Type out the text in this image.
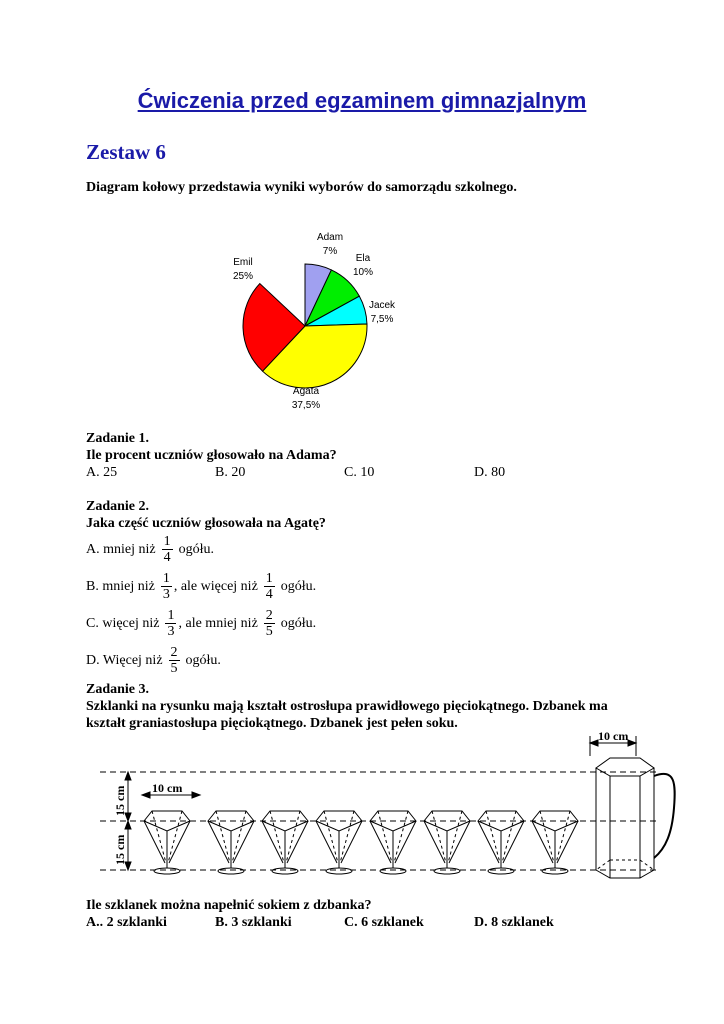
Ćwiczenia przed egzaminem gimnazjalnym
Zestaw 6
Diagram kołowy przedstawia wyniki wyborów do samorządu szkolnego.
Adam
7%
Ela
10%
Jacek
7,5%
Agata
37,5%
Emil
25%
Zadanie 1.
Ile procent uczniów głosowało na Adama?
A. 25	B. 20	C. 10	D. 80
Zadanie 2.
Jaka część uczniów głosowała na Agatę?
A. mniej niż $\frac{1}{4}$ ogółu.
B. mniej niż $\frac{1}{3}$ , ale więcej niż $\frac{1}{4}$ ogółu.
C. więcej niż $\frac{1}{3}$ , ale mniej niż $\frac{2}{5}$ ogółu.
D. Więcej niż $\frac{2}{5}$ ogółu.
Zadanie 3.
Szklanki na rysunku mają kształt ostrosłupa prawidłowego pięciokątnego. Dzbanek ma
kształt graniastosłupa pięciokątnego. Dzbanek jest pełen soku.
10 cm
10 cm
15 cm
15 cm
Ile szklanek można napełnić sokiem z dzbanka?
A.. 2 szklanki	B. 3 szklanki	C. 6 szklanek	D. 8 szklanek
